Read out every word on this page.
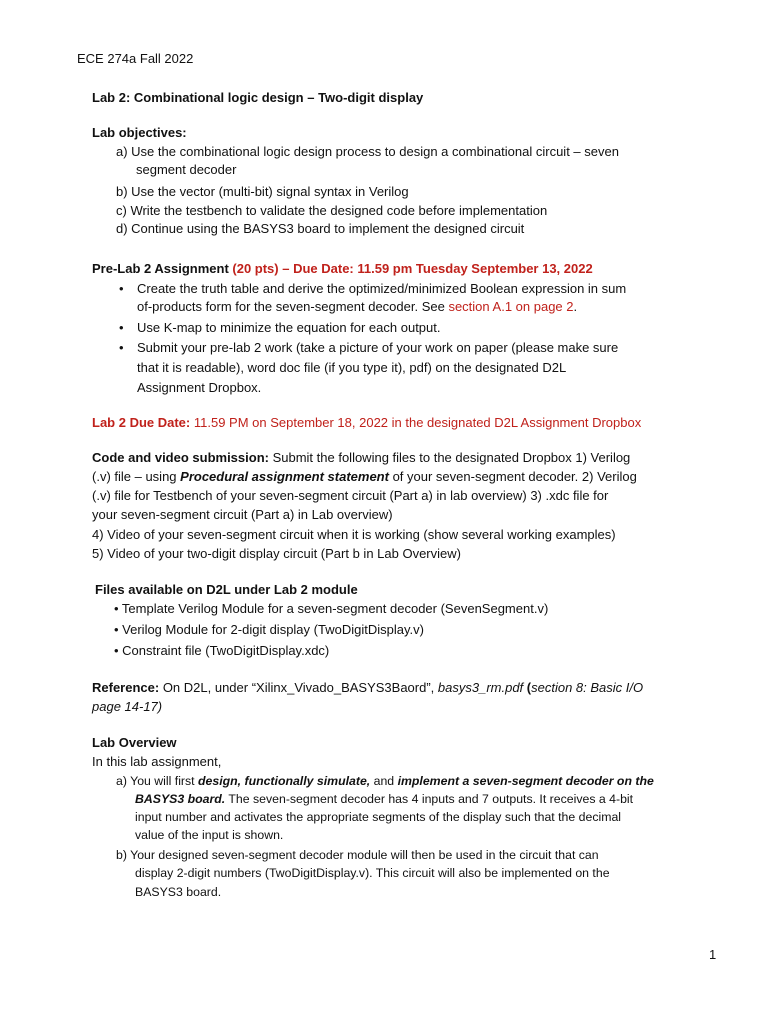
ECE 274a Fall 2022
Lab 2: Combinational logic design – Two-digit display
Lab objectives:
a) Use the combinational logic design process to design a combinational circuit – seven
segment decoder
b) Use the vector (multi-bit) signal syntax in Verilog
c) Write the testbench to validate the designed code before implementation
d) Continue using the BASYS3 board to implement the designed circuit
Pre-Lab 2 Assignment (20 pts) – Due Date: 11.59 pm Tuesday September 13, 2022
• Create the truth table and derive the optimized/minimized Boolean expression in sum
of-products form for the seven-segment decoder. See section A.1 on page 2.
• Use K-map to minimize the equation for each output.
• Submit your pre-lab 2 work (take a picture of your work on paper (please make sure
that it is readable), word doc file (if you type it), pdf) on the designated D2L
Assignment Dropbox.
Lab 2 Due Date: 11.59 PM on September 18, 2022 in the designated D2L Assignment Dropbox
Code and video submission: Submit the following files to the designated Dropbox 1) Verilog
(.v) file – using Procedural assignment statement of your seven-segment decoder. 2) Verilog
(.v) file for Testbench of your seven-segment circuit (Part a) in lab overview) 3) .xdc file for
your seven-segment circuit (Part a) in Lab overview)
4) Video of your seven-segment circuit when it is working (show several working examples)
5) Video of your two-digit display circuit (Part b in Lab Overview)
Files available on D2L under Lab 2 module
• Template Verilog Module for a seven-segment decoder (SevenSegment.v)
• Verilog Module for 2-digit display (TwoDigitDisplay.v)
• Constraint file (TwoDigitDisplay.xdc)
Reference: On D2L, under “Xilinx_Vivado_BASYS3Baord”, basys3_rm.pdf (section 8: Basic I/O
page 14-17)
Lab Overview
In this lab assignment,
a) You will first design, functionally simulate, and implement a seven-segment decoder on the
BASYS3 board. The seven-segment decoder has 4 inputs and 7 outputs. It receives a 4-bit
input number and activates the appropriate segments of the display such that the decimal
value of the input is shown.
b) Your designed seven-segment decoder module will then be used in the circuit that can
display 2-digit numbers (TwoDigitDisplay.v). This circuit will also be implemented on the
BASYS3 board.
1
